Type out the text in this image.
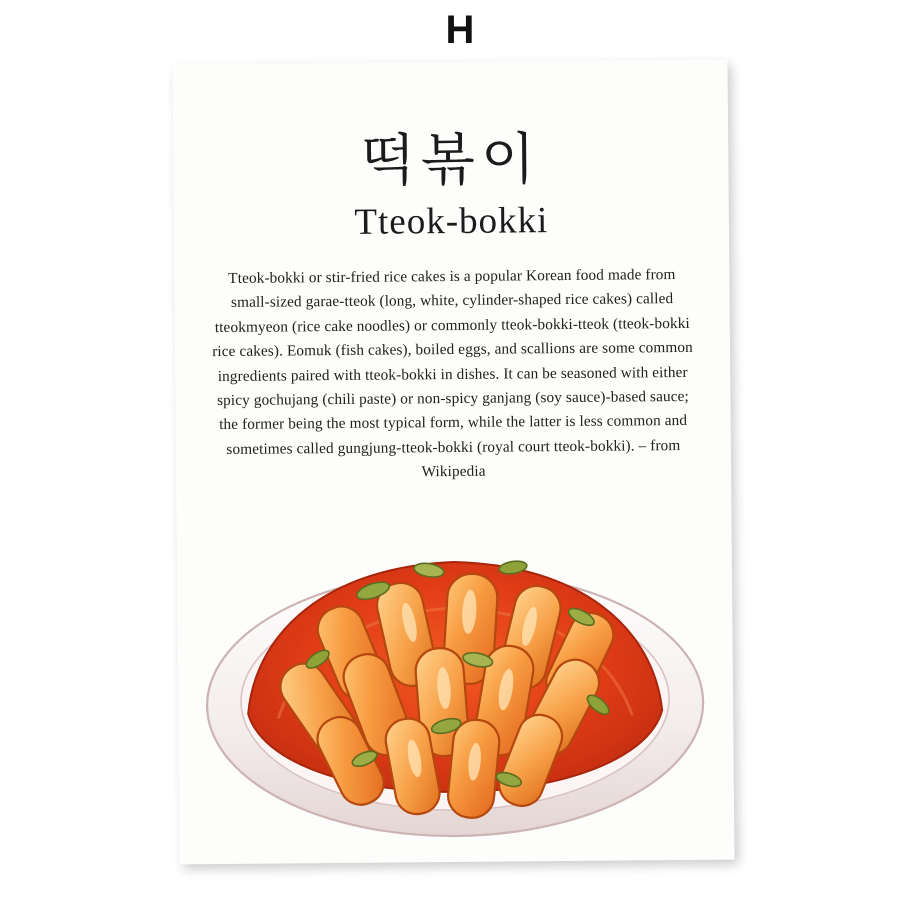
H
떡볶이
Tteok-bokki
Tteok-bokki or stir-fried rice cakes is a popular Korean food made from small-sized garae-tteok (long, white, cylinder-shaped rice cakes) called tteokmyeon (rice cake noodles) or commonly tteok-bokki-tteok (tteok-bokki rice cakes). Eomuk (fish cakes), boiled eggs, and scallions are some common ingredients paired with tteok-bokki in dishes. It can be seasoned with either spicy gochujang (chili paste) or non-spicy ganjang (soy sauce)-based sauce; the former being the most typical form, while the latter is less common and sometimes called gungjung-tteok-bokki (royal court tteok-bokki). – from Wikipedia
